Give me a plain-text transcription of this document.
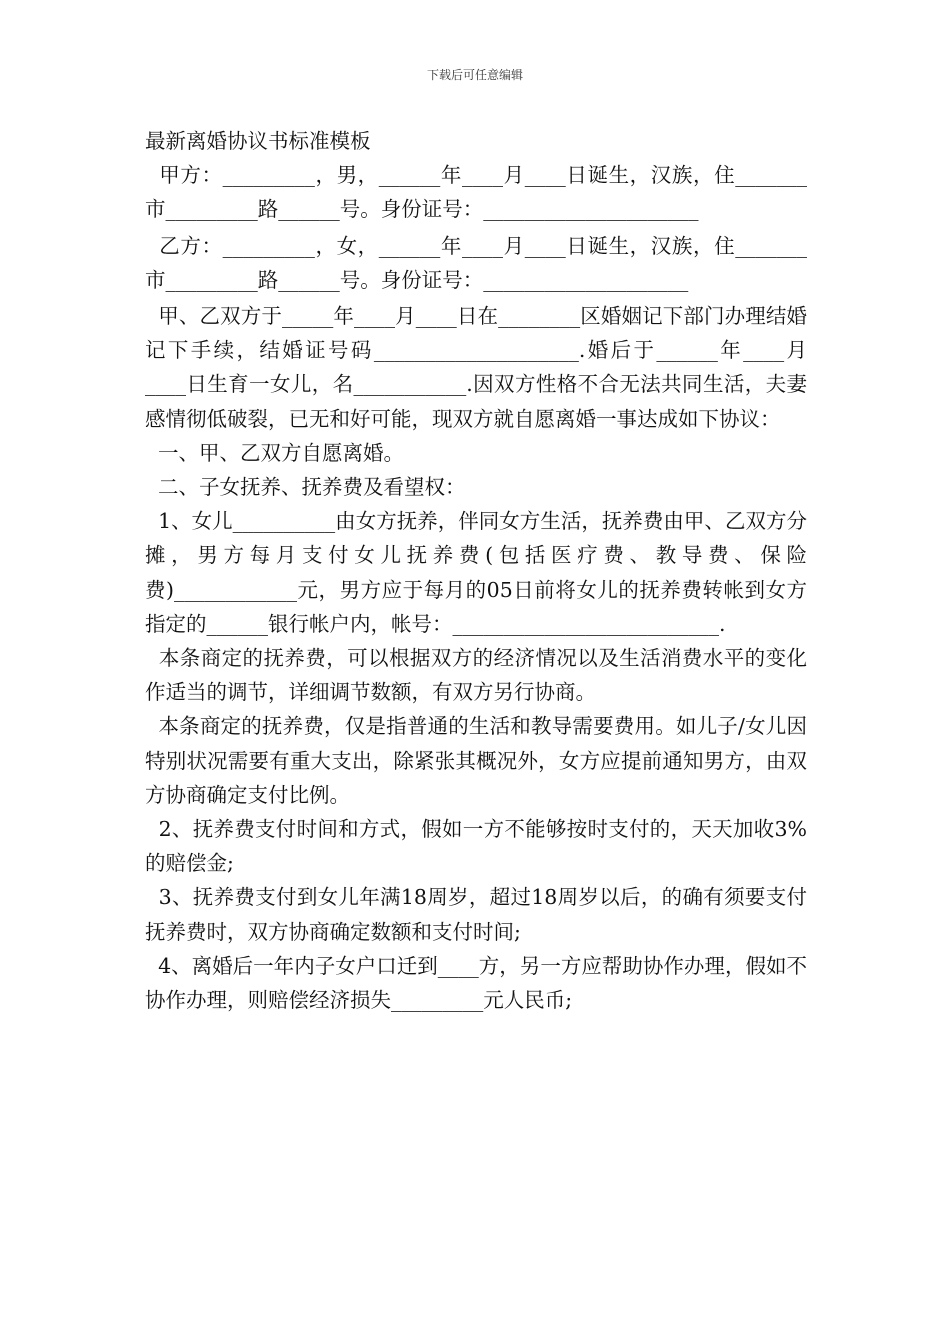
下载后可任意编辑

最新离婚协议书标准模板

甲方：_________，男，______年____月____日诞生，汉族，住_______市_________路______号。身份证号：_____________________

乙方：_________，女，______年____月____日诞生，汉族，住_______市_________路______号。身份证号：____________________

甲、乙双方于_____年____月____日在________区婚姻记下部门办理结婚记下手续，结婚证号码____________________.婚后于______年____月____日生育一女儿，名___________.因双方性格不合无法共同生活，夫妻感情彻低破裂，已无和好可能，现双方就自愿离婚一事达成如下协议：

一、甲、乙双方自愿离婚。

二、子女抚养、抚养费及看望权：

1、女儿__________由女方抚养，伴同女方生活，抚养费由甲、乙双方分摊，男方每月支付女儿抚养费(包括医疗费、教导费、保险费)____________元，男方应于每月的05日前将女儿的抚养费转帐到女方指定的______银行帐户内，帐号：__________________________.

本条商定的抚养费，可以根据双方的经济情况以及生活消费水平的变化作适当的调节，详细调节数额，有双方另行协商。

本条商定的抚养费，仅是指普通的生活和教导需要费用。如儿子/女儿因特别状况需要有重大支出，除紧张其概况外，女方应提前通知男方，由双方协商确定支付比例。

2、抚养费支付时间和方式，假如一方不能够按时支付的，天天加收3%的赔偿金;

3、抚养费支付到女儿年满18周岁，超过18周岁以后，的确有须要支付抚养费时，双方协商确定数额和支付时间;

4、离婚后一年内子女户口迁到____方，另一方应帮助协作办理，假如不协作办理，则赔偿经济损失_________元人民币;
